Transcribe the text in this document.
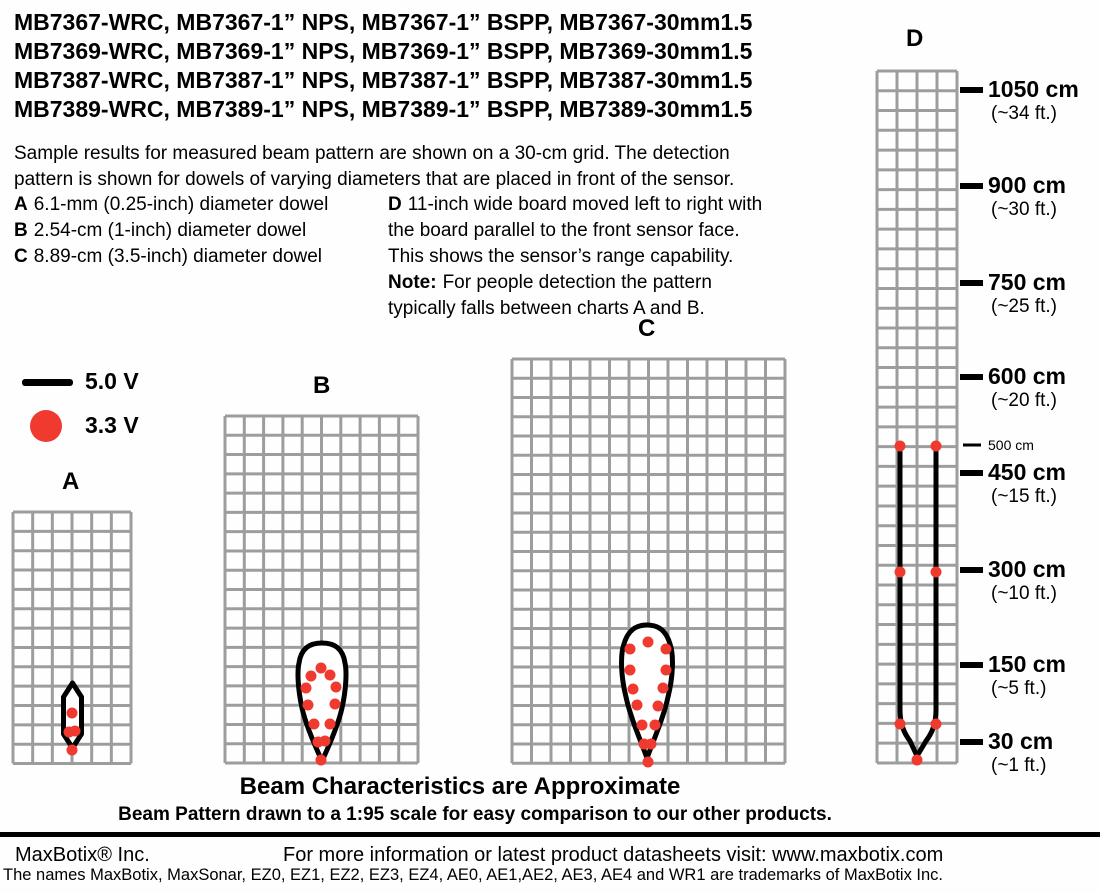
MB7367-WRC, MB7367-1” NPS, MB7367-1” BSPP, MB7367-30mm1.5
MB7369-WRC, MB7369-1” NPS, MB7369-1” BSPP, MB7369-30mm1.5
MB7387-WRC, MB7387-1” NPS, MB7387-1” BSPP, MB7387-30mm1.5
MB7389-WRC, MB7389-1” NPS, MB7389-1” BSPP, MB7389-30mm1.5
Sample results for measured beam pattern are shown on a 30-cm grid. The detection
pattern is shown for dowels of varying diameters that are placed in front of the sensor.
A 6.1-mm (0.25-inch) diameter dowel
B 2.54-cm (1-inch) diameter dowel
C 8.89-cm (3.5-inch) diameter dowel
D 11-inch wide board moved left to right with
the board parallel to the front sensor face.
This shows the sensor’s range capability.
Note: For people detection the pattern
typically falls between charts A and B.
5.0 V
3.3 V
A
B
C
D
1050 cm
(~34 ft.)
900 cm
(~30 ft.)
750 cm
(~25 ft.)
600 cm
(~20 ft.)
500 cm
450 cm
(~15 ft.)
300 cm
(~10 ft.)
150 cm
(~5 ft.)
30 cm
(~1 ft.)
Beam Characteristics are Approximate
Beam Pattern drawn to a 1:95 scale for easy comparison to our other products.
MaxBotix® Inc.	For more information or latest product datasheets visit: www.maxbotix.com
The names MaxBotix, MaxSonar, EZ0, EZ1, EZ2, EZ3, EZ4, AE0, AE1,AE2, AE3, AE4 and WR1 are trademarks of MaxBotix Inc.
